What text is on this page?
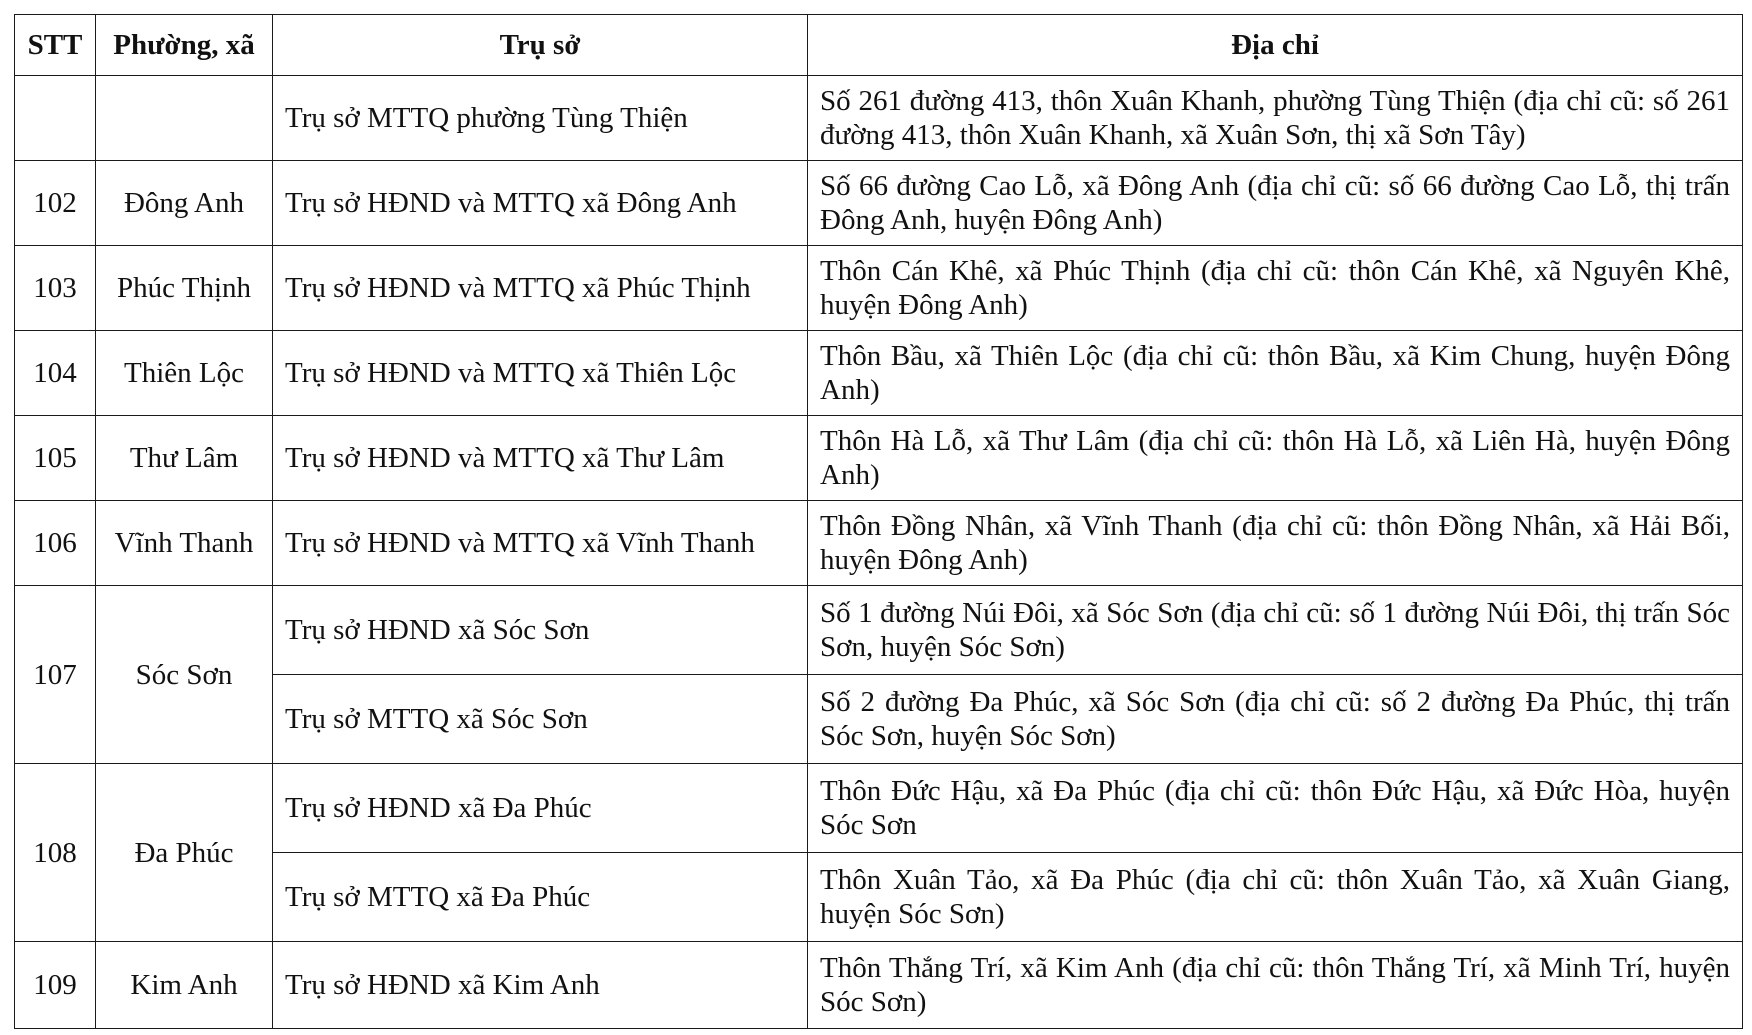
STT	Phường, xã	Trụ sở	Địa chỉ
		Trụ sở MTTQ phường Tùng Thiện	Số 261 đường 413, thôn Xuân Khanh, phường Tùng Thiện (địa chỉ cũ: số 261 đường 413, thôn Xuân Khanh, xã Xuân Sơn, thị xã Sơn Tây)
102	Đông Anh	Trụ sở HĐND và MTTQ xã Đông Anh	Số 66 đường Cao Lỗ, xã Đông Anh (địa chỉ cũ: số 66 đường Cao Lỗ, thị trấn Đông Anh, huyện Đông Anh)
103	Phúc Thịnh	Trụ sở HĐND và MTTQ xã Phúc Thịnh	Thôn Cán Khê, xã Phúc Thịnh (địa chỉ cũ: thôn Cán Khê, xã Nguyên Khê, huyện Đông Anh)
104	Thiên Lộc	Trụ sở HĐND và MTTQ xã Thiên Lộc	Thôn Bầu, xã Thiên Lộc (địa chỉ cũ: thôn Bầu, xã Kim Chung, huyện Đông Anh)
105	Thư Lâm	Trụ sở HĐND và MTTQ xã Thư Lâm	Thôn Hà Lỗ, xã Thư Lâm (địa chỉ cũ: thôn Hà Lỗ, xã Liên Hà, huyện Đông Anh)
106	Vĩnh Thanh	Trụ sở HĐND và MTTQ xã Vĩnh Thanh	Thôn Đồng Nhân, xã Vĩnh Thanh (địa chỉ cũ: thôn Đồng Nhân, xã Hải Bối, huyện Đông Anh)
107	Sóc Sơn	Trụ sở HĐND xã Sóc Sơn	Số 1 đường Núi Đôi, xã Sóc Sơn (địa chỉ cũ: số 1 đường Núi Đôi, thị trấn Sóc Sơn, huyện Sóc Sơn)
		Trụ sở MTTQ xã Sóc Sơn	Số 2 đường Đa Phúc, xã Sóc Sơn (địa chỉ cũ: số 2 đường Đa Phúc, thị trấn Sóc Sơn, huyện Sóc Sơn)
108	Đa Phúc	Trụ sở HĐND xã Đa Phúc	Thôn Đức Hậu, xã Đa Phúc (địa chỉ cũ: thôn Đức Hậu, xã Đức Hòa, huyện Sóc Sơn
		Trụ sở MTTQ xã Đa Phúc	Thôn Xuân Tảo, xã Đa Phúc (địa chỉ cũ: thôn Xuân Tảo, xã Xuân Giang, huyện Sóc Sơn)
109	Kim Anh	Trụ sở HĐND xã Kim Anh	Thôn Thắng Trí, xã Kim Anh (địa chỉ cũ: thôn Thắng Trí, xã Minh Trí, huyện Sóc Sơn)
